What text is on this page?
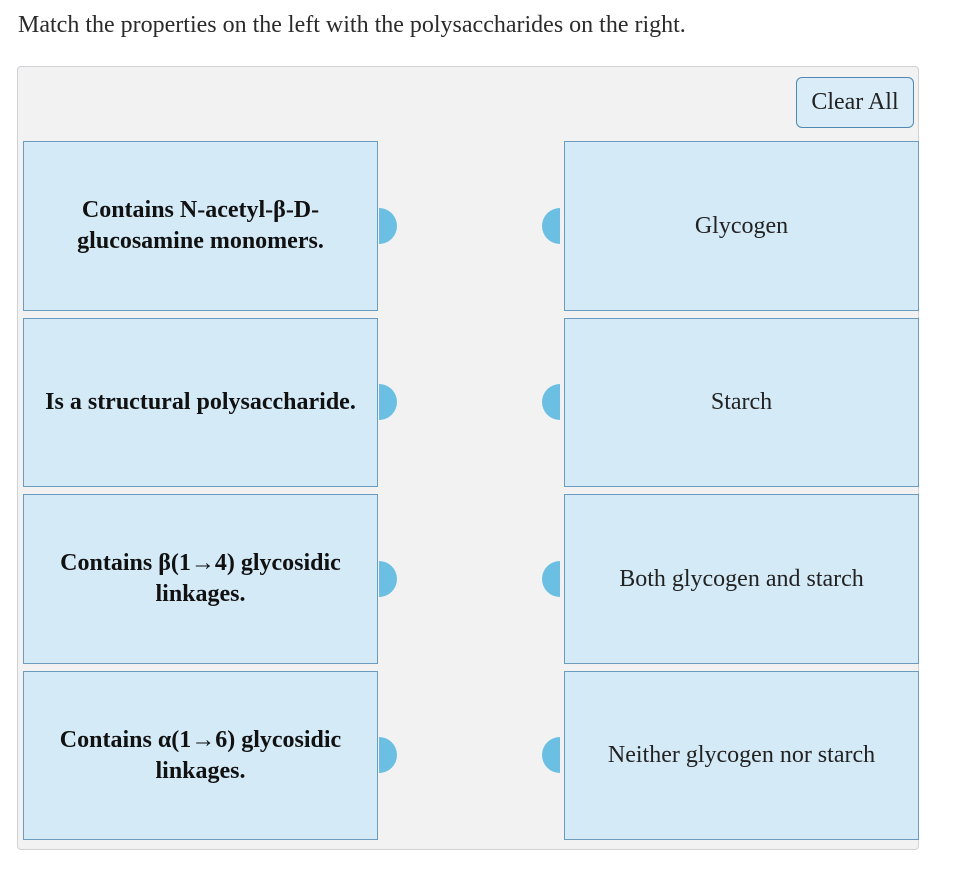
Match the properties on the left with the polysaccharides on the right.
Clear All
Contains N-acetyl-β-D-glucosamine monomers.
Is a structural polysaccharide.
Contains β(1→4) glycosidic linkages.
Contains α(1→6) glycosidic linkages.
Glycogen
Starch
Both glycogen and starch
Neither glycogen nor starch
